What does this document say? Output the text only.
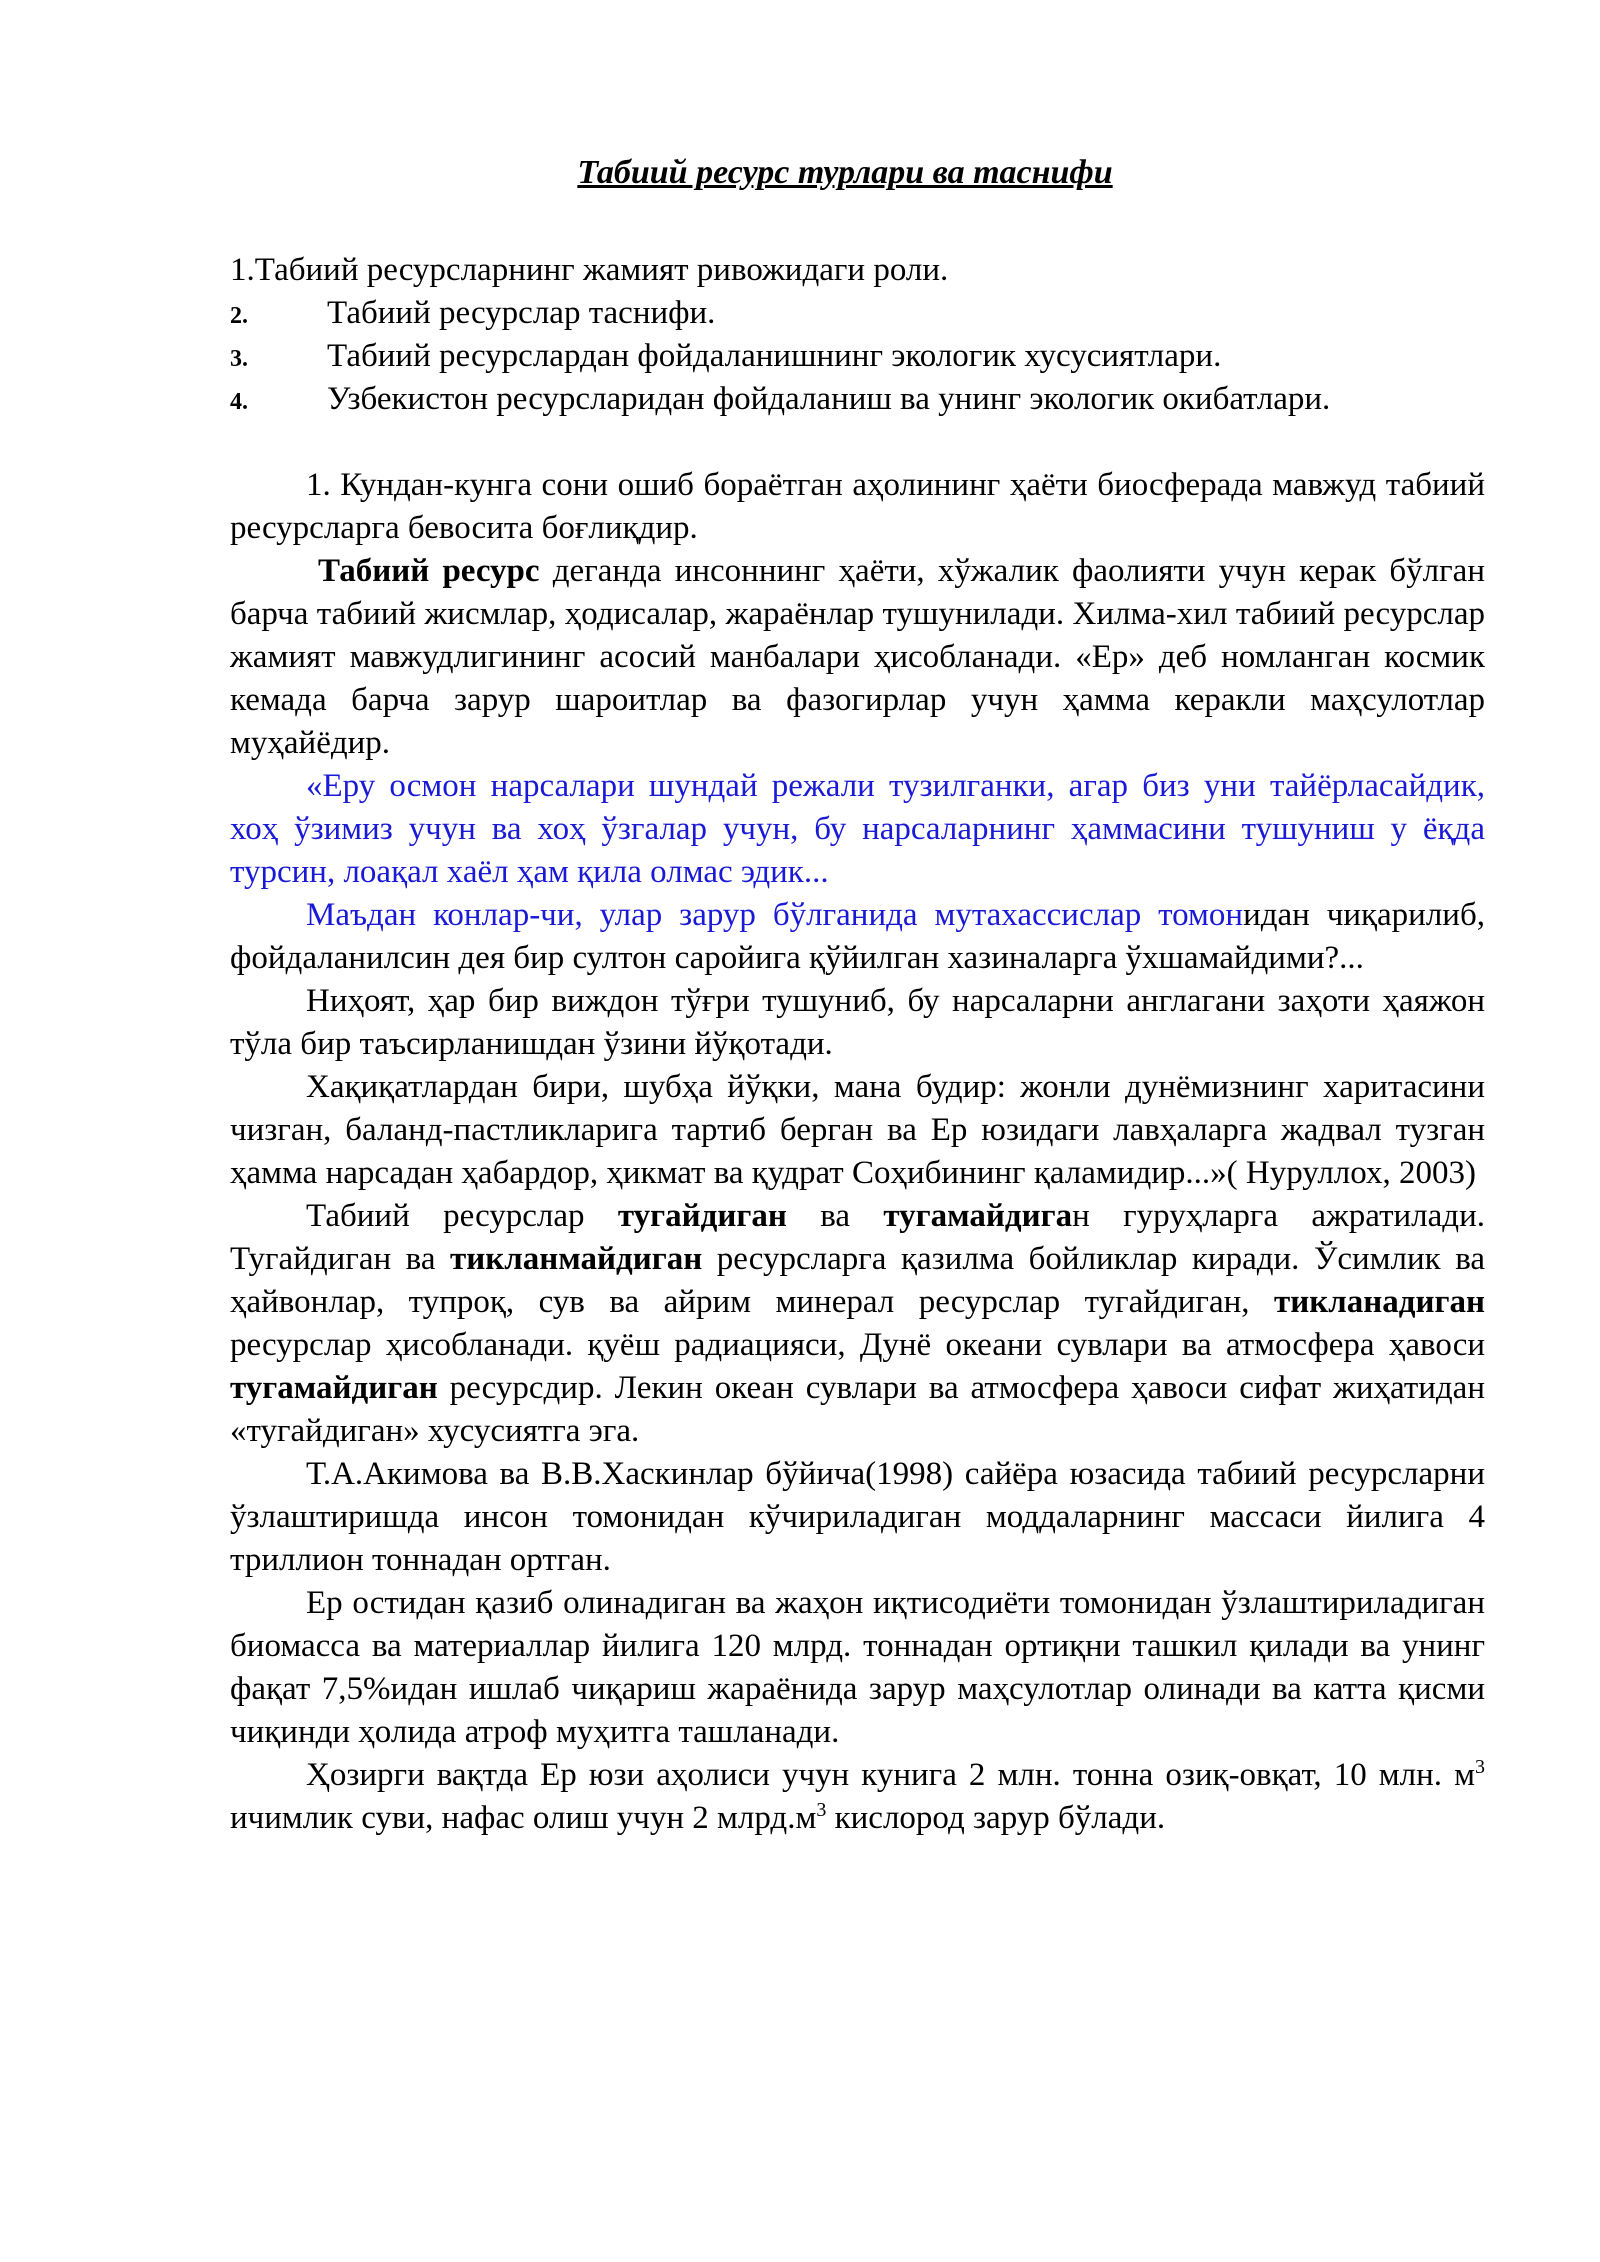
Табиий ресурс турлари ва таснифи
1.Табиий ресурсларнинг жамият ривожидаги роли.
2. Табиий ресурслар таснифи.
3. Табиий ресурслардан фойдаланишнинг экологик хусусиятлари.
4. Узбекистон ресурсларидан фойдаланиш ва унинг экологик окибатлари.

1. Кундан-кунга сони ошиб бораётган аҳолининг ҳаёти биосферада мавжуд табиий ресурсларга бевосита боғлиқдир.

Табиий ресурс деганда инсоннинг ҳаёти, хўжалик фаолияти учун керак бўлган барча табиий жисмлар, ҳодисалар, жараёнлар тушунилади. Хилма-хил табиий ресурслар жамият мавжудлигининг асосий манбалари ҳисобланади. «Ер» деб номланган космик кемада барча зарур шароитлар ва фазогирлар учун ҳамма керакли маҳсулотлар муҳайёдир.

«Еру осмон нарсалари шундай режали тузилганки, агар биз уни тайёрласайдик, хоҳ ўзимиз учун ва хоҳ ўзгалар учун, бу нарсаларнинг ҳаммасини тушуниш у ёқда турсин, лоақал хаёл ҳам қила олмас эдик...

Маъдан конлар-чи, улар зарур бўлганида мутахассислар томонидан чиқарилиб, фойдаланилсин дея бир султон саройига қўйилган хазиналарга ўхшамайдими?...

Ниҳоят, ҳар бир виждон тўғри тушуниб, бу нарсаларни англагани заҳоти ҳаяжон тўла бир таъсирланишдан ўзини йўқотади.

Хақиқатлардан бири, шубҳа йўқки, мана будир: жонли дунёмизнинг харитасини чизган, баланд-пастликларига тартиб берган ва Ер юзидаги лавҳаларга жадвал тузган ҳамма нарсадан ҳабардор, ҳикмат ва қудрат Соҳибининг қаламидир...»( Нуруллох, 2003)

Табиий ресурслар тугайдиган ва тугамайдиган гуруҳларга ажратилади. Тугайдиган ва тикланмайдиган ресурсларга қазилма бойликлар киради. Ўсимлик ва ҳайвонлар, тупроқ, сув ва айрим минерал ресурслар тугайдиган, тикланадиган ресурслар ҳисобланади. қуёш радиацияси, Дунё океани сувлари ва атмосфера ҳавоси тугамайдиган ресурсдир. Лекин океан сувлари ва атмосфера ҳавоси сифат жиҳатидан «тугайдиган» хусусиятга эга.

Т.А.Акимова ва В.В.Хаскинлар бўйича(1998) сайёра юзасида табиий ресурсларни ўзлаштиришда инсон томонидан кўчириладиган моддаларнинг массаси йилига 4 триллион тоннадан ортган.

Ер остидан қазиб олинадиган ва жаҳон иқтисодиёти томонидан ўзлаштириладиган биомасса ва материаллар йилига 120 млрд. тоннадан ортиқни ташкил қилади ва унинг фақат 7,5%идан ишлаб чиқариш жараёнида зарур маҳсулотлар олинади ва катта қисми чиқинди ҳолида атроф муҳитга ташланади.

Ҳозирги вақтда Ер юзи аҳолиси учун кунига 2 млн. тонна озиқ-овқат, 10 млн. $м^3$ ичимлик суви, нафас олиш учун 2 $млрд.м^3$ кислород зарур бўлади.
